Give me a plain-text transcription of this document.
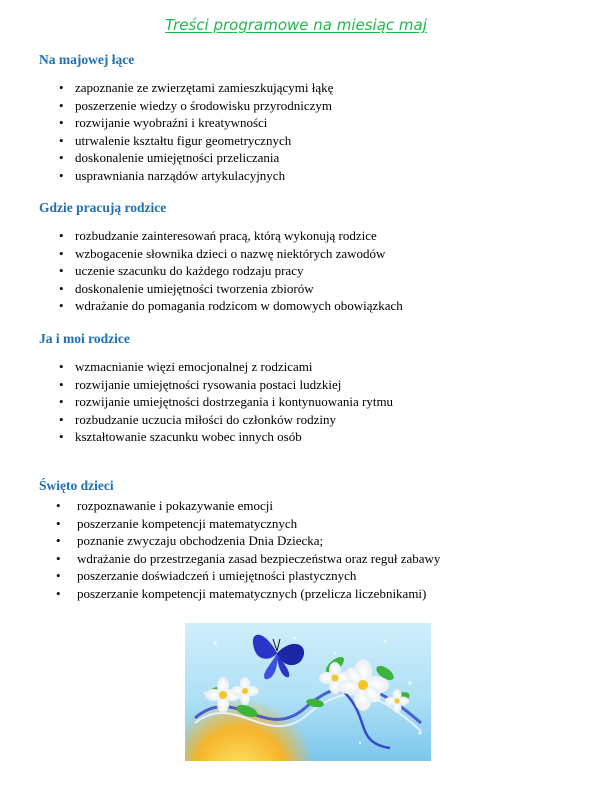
Treści programowe na miesiąc maj
Na majowej łące
• zapoznanie ze zwierzętami zamieszkującymi łąkę
• poszerzenie wiedzy o środowisku przyrodniczym
• rozwijanie wyobraźni i kreatywności
• utrwalenie kształtu figur geometrycznych
• doskonalenie umiejętności przeliczania
• usprawniania narządów artykulacyjnych
Gdzie pracują rodzice
• rozbudzanie zainteresowań pracą, którą wykonują rodzice
• wzbogacenie słownika dzieci o nazwę niektórych zawodów
• uczenie szacunku do każdego rodzaju pracy
• doskonalenie umiejętności tworzenia zbiorów
• wdrażanie do pomagania rodzicom w domowych obowiązkach
Ja i moi rodzice
• wzmacnianie więzi emocjonalnej z rodzicami
• rozwijanie umiejętności rysowania postaci ludzkiej
• rozwijanie umiejętności dostrzegania i kontynuowania rytmu
• rozbudzanie uczucia miłości do członków rodziny
• kształtowanie szacunku wobec innych osób
Święto dzieci
• rozpoznawanie i pokazywanie emocji
• poszerzanie kompetencji matematycznych
• poznanie zwyczaju obchodzenia Dnia Dziecka;
• wdrażanie do przestrzegania zasad bezpieczeństwa oraz reguł zabawy
• poszerzanie doświadczeń i umiejętności plastycznych
• poszerzanie kompetencji matematycznych (przelicza liczebnikami)
